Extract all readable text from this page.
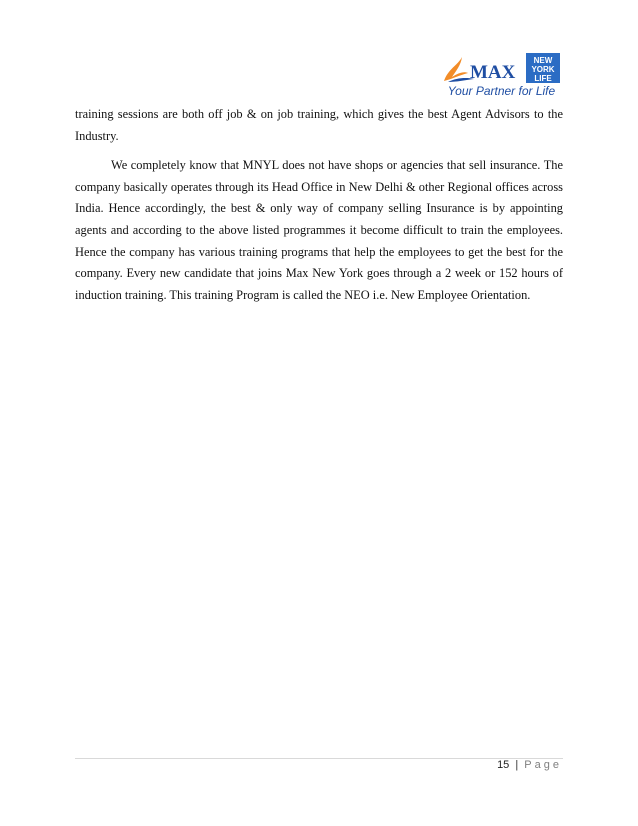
MAX
NEW
YORK
LIFE
Your Partner for Life

training sessions are both off job & on job training, which gives the best Agent Advisors to the Industry.

We completely know that MNYL does not have shops or agencies that sell insurance. The company basically operates through its Head Office in New Delhi & other Regional offices across India. Hence accordingly, the best & only way of company selling Insurance is by appointing agents and according to the above listed programmes it become difficult to train the employees. Hence the company has various training programs that help the employees to get the best for the company. Every new candidate that joins Max New York goes through a 2 week or 152 hours of induction training. This training Program is called the NEO i.e. New Employee Orientation.

15 | Page
